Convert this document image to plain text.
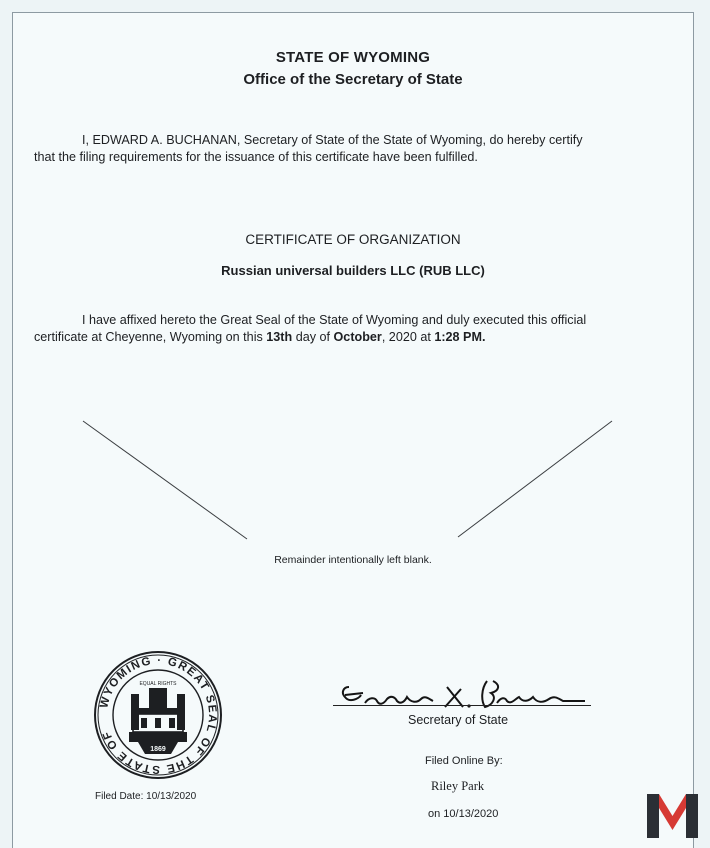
STATE OF WYOMING
Office of the Secretary of State
I, EDWARD A. BUCHANAN, Secretary of State of the State of Wyoming, do hereby certify
that the filing requirements for the issuance of this certificate have been fulfilled.
CERTIFICATE OF ORGANIZATION
Russian universal builders LLC (RUB LLC)
I have affixed hereto the Great Seal of the State of Wyoming and duly executed this official
certificate at Cheyenne, Wyoming on this 13th day of October, 2020 at 1:28 PM.
Remainder intentionally left blank.
WYOMING · GREAT SEAL OF THE STATE OF
EQUAL RIGHTS
1869
Filed Date: 10/13/2020
Secretary of State
Filed Online By:
Riley Park
on 10/13/2020
